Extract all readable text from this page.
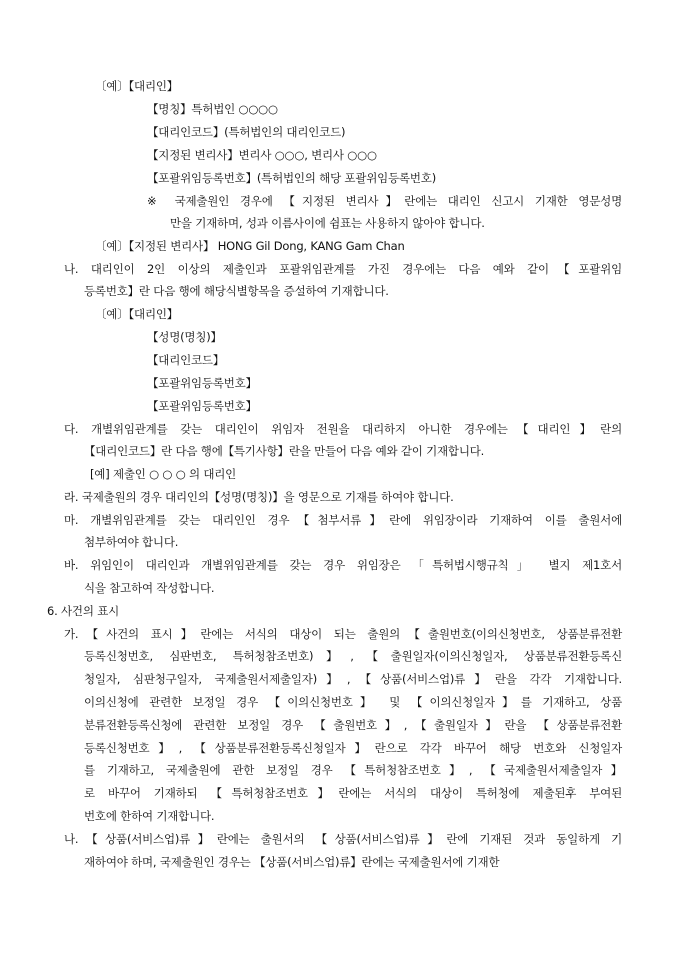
〔예〕【대리인】
【명칭】특허법인 ○○○○
【대리인코드】(특허법인의 대리인코드)
【지정된 변리사】변리사 ○○○, 변리사 ○○○
【포괄위임등록번호】(특허법인의 해당 포괄위임등록번호)
※ 국제출원인 경우에 【지정된 변리사】란에는 대리인 신고시 기재한 영문성명
만을 기재하며, 성과 이름사이에 쉼표는 사용하지 않아야 합니다.
〔예〕【지정된 변리사】 HONG Gil Dong, KANG Gam Chan
나. 대리인이 2인 이상의 제출인과 포괄위임관계를 가진 경우에는 다음 예와 같이【포괄위임
등록번호】란 다음 행에 해당식별항목을 증설하여 기재합니다.
〔예〕【대리인】
【성명(명칭)】
【대리인코드】
【포괄위임등록번호】
【포괄위임등록번호】
다. 개별위임관계를 갖는 대리인이 위임자 전원을 대리하지 아니한 경우에는【대리인】란의
【대리인코드】란 다음 행에【특기사항】란을 만들어 다음 예와 같이 기재합니다.
[예] 제출인 ○ ○ ○ 의 대리인
라. 국제출원의 경우 대리인의【성명(명칭)】을 영문으로 기재를 하여야 합니다.
마. 개별위임관계를 갖는 대리인인 경우【첨부서류】란에 위임장이라 기재하여 이를 출원서에
첨부하여야 합니다.
바. 위임인이 대리인과 개별위임관계를 갖는 경우 위임장은 「특허법시행규칙」 별지 제1호서
식을 참고하여 작성합니다.
6. 사건의 표시
가.【사건의 표시】란에는 서식의 대상이 되는 출원의【출원번호(이의신청번호, 상품분류전환
등록신청번호, 심판번호, 특허청참조번호)】,【출원일자(이의신청일자, 상품분류전환등록신
청일자, 심판청구일자, 국제출원서제출일자)】,【상품(서비스업)류】란을 각각 기재합니다.
이의신청에 관련한 보정일 경우 【이의신청번호】 및 【이의신청일자】를 기재하고, 상품
분류전환등록신청에 관련한 보정일 경우 【출원번호】,【출원일자】란을 【상품분류전환
등록신청번호】, 【상품분류전환등록신청일자】란으로 각각 바꾸어 해당 번호와 신청일자
를 기재하고, 국제출원에 관한 보정일 경우 【특허청참조번호】, 【국제출원서제출일자】
로 바꾸어 기재하되 【특허청참조번호】란에는 서식의 대상이 특허청에 제출된후 부여된
번호에 한하여 기재합니다.
나.【상품(서비스업)류】란에는 출원서의 【상품(서비스업)류】란에 기재된 것과 동일하게 기
재하여야 하며, 국제출원인 경우는 【상품(서비스업)류】란에는 국제출원서에 기재한
